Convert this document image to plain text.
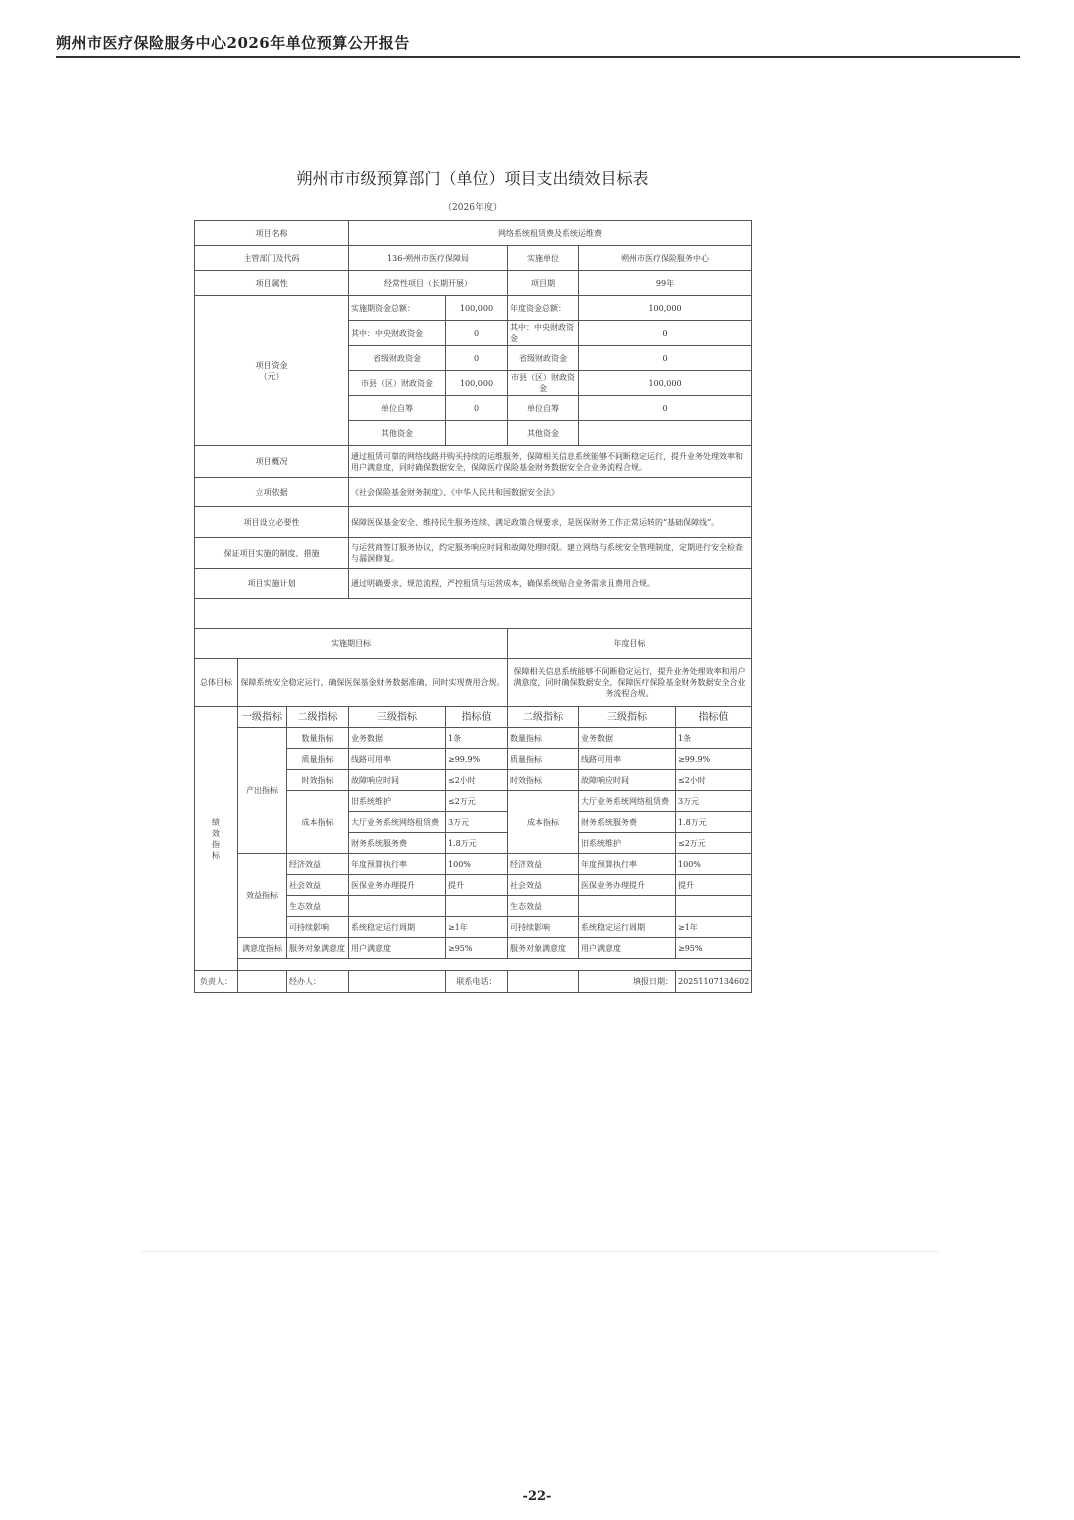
朔州市医疗保险服务中心2026年单位预算公开报告
朔州市市级预算部门（单位）项目支出绩效目标表
（2026年度）
项目名称			网络系统租赁费及系统运维费				
主管部门及代码			136-朔州市医疗保障局		实施单位	朔州市医疗保险服务中心	
项目属性			经常性项目（长期开展）		项目期	99年	
项目资金
（元）			实施期资金总额：	100,000	年度资金总额：	100,000	
			其中：中央财政资金	0	其中：中央财政资金	0	
			省级财政资金	0	省级财政资金	0	
			市县（区）财政资金	100,000	市县（区）财政资金	100,000	
			单位自筹	0	单位自筹	0	
			其他资金		其他资金		
项目概况			通过租赁可靠的网络线路并购买持续的运维服务，保障相关信息系统能够不间断稳定运行，提升业务处理效率和用户满意度，同时确保数据安全，保障医疗保险基金财务数据安全合业务流程合规。				
立项依据			《社会保险基金财务制度》、《中华人民共和国数据安全法》				
项目设立必要性			保障医保基金安全、维持民生服务连续、满足政策合规要求，是医保财务工作正常运转的“基础保障线”。				
保证项目实施的制度、措施			与运营商签订服务协议，约定服务响应时间和故障处理时限。建立网络与系统安全管理制度，定期进行安全检查与漏洞修复。				
项目实施计划			通过明确要求、规范流程，严控租赁与运营成本，确保系统贴合业务需求且费用合规。				

实施期目标					年度目标		
总体目标	保障系统安全稳定运行，确保医保基金财务数据准确，同时实现费用合规。				保障相关信息系统能够不间断稳定运行，提升业务处理效率和用户满意度，同时确保数据安全，保障医疗保险基金财务数据安全合业务流程合规。		
绩
效
指
标	一级指标	二级指标	三级指标	指标值	二级指标	三级指标	指标值
	产出指标	数量指标	业务数据	1条	数量指标	业务数据	1条
		质量指标	线路可用率	≥99.9%	质量指标	线路可用率	≥99.9%
		时效指标	故障响应时间	≤2小时	时效指标	故障响应时间	≤2小时
		成本指标	旧系统维护	≤2万元	成本指标	大厅业务系统网络租赁费	3万元
			大厅业务系统网络租赁费	3万元		财务系统服务费	1.8万元
			财务系统服务费	1.8万元		旧系统维护	≤2万元
	效益指标	经济效益	年度预算执行率	100%	经济效益	年度预算执行率	100%
		社会效益	医保业务办理提升	提升	社会效益	医保业务办理提升	提升
		生态效益			生态效益		
		可持续影响	系统稳定运行周期	≥1年	可持续影响	系统稳定运行周期	≥1年
	满意度指标	服务对象满意度	用户满意度	≥95%	服务对象满意度	用户满意度	≥95%

负责人：		经办人：		联系电话：		填报日期：	20251107134602
-22-
